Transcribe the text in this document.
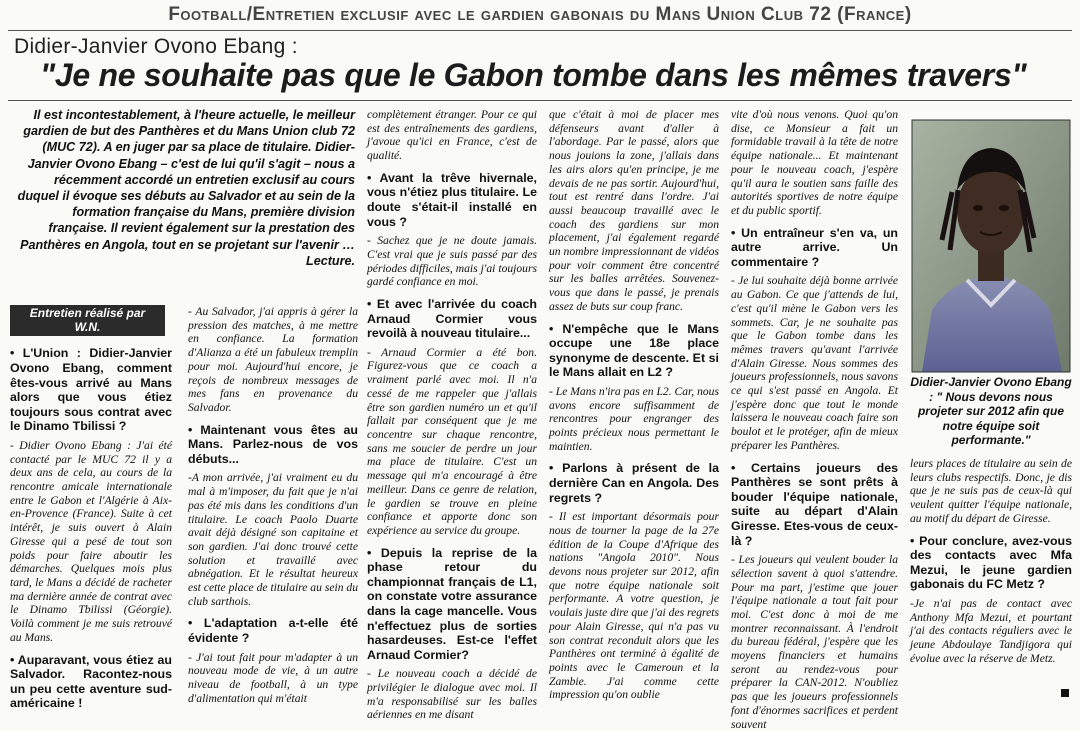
Football/Entretien exclusif avec le gardien gabonais du Mans Union Club 72 (France)
Didier-Janvier Ovono Ebang :
"Je ne souhaite pas que le Gabon tombe dans les mêmes travers"
Il est incontestablement, à l'heure actuelle, le meilleur gardien de but des Panthères et du Mans Union club 72 (MUC 72). A en juger par sa place de titulaire. Didier-Janvier Ovono Ebang – c'est de lui qu'il s'agit – nous a récemment accordé un entretien exclusif au cours duquel il évoque ses débuts au Salvador et au sein de la formation française du Mans, première division française. Il revient également sur la prestation des Panthères en Angola, tout en se projetant sur l'avenir … Lecture.
Entretien réalisé par
W.N.

• L'Union : Didier-Janvier Ovono Ebang, comment êtes-vous arrivé au Mans alors que vous étiez toujours sous contrat avec le Dinamo Tbilissi ?

- Didier Ovono Ebang : J'ai été contacté par le MUC 72 il y a deux ans de cela, au cours de la rencontre amicale internationale entre le Gabon et l'Algérie à Aix-en-Provence (France). Suite à cet intérêt, je suis ouvert à Alain Giresse qui a pesé de tout son poids pour faire aboutir les démarches. Quelques mois plus tard, le Mans a décidé de racheter ma dernière année de contrat avec le Dinamo Tbilissi (Géorgie). Voilà comment je me suis retrouvé au Mans.

• Auparavant, vous étiez au Salvador. Racontez-nous un peu cette aventure sud-américaine !

- Au Salvador, j'ai appris à gérer la pression des matches, à me mettre en confiance. La formation d'Alianza a été un fabuleux tremplin pour moi. Aujourd'hui encore, je reçois de nombreux messages de mes fans en provenance du Salvador.

• Maintenant vous êtes au Mans. Parlez-nous de vos débuts...

-A mon arrivée, j'ai vraiment eu du mal à m'imposer, du fait que je n'ai pas été mis dans les conditions d'un titulaire. Le coach Paolo Duarte avait déjà désigné son capitaine et son gardien. J'ai donc trouvé cette solution et travaillé avec abnégation. Et le résultat heureux est cette place de titulaire au sein du club sarthois.

• L'adaptation a-t-elle été évidente ?

- J'ai tout fait pour m'adapter à un nouveau mode de vie, à un autre niveau de football, à un type d'alimentation qui m'était

complètement étranger. Pour ce qui est des entraînements des gardiens, j'avoue qu'ici en France, c'est de qualité.

• Avant la trêve hivernale, vous n'étiez plus titulaire. Le doute s'était-il installé en vous ?

- Sachez que je ne doute jamais. C'est vrai que je suis passé par des périodes difficiles, mais j'ai toujours gardé confiance en moi.

• Et avec l'arrivée du coach Arnaud Cormier vous revoilà à nouveau titulaire...

- Arnaud Cormier a été bon. Figurez-vous que ce coach a vraiment parlé avec moi. Il n'a cessé de me rappeler que j'allais être son gardien numéro un et qu'il fallait par conséquent que je me concentre sur chaque rencontre, sans me soucier de perdre un jour ma place de titulaire. C'est un message qui m'a encouragé à être meilleur. Dans ce genre de relation, le gardien se trouve en pleine confiance et apporte donc son expérience au service du groupe.

• Depuis la reprise de la phase retour du championnat français de L1, on constate votre assurance dans la cage mancelle. Vous n'effectuez plus de sorties hasardeuses. Est-ce l'effet Arnaud Cormier?

- Le nouveau coach a décidé de privilégier le dialogue avec moi. Il m'a responsabilisé sur les balles aériennes en me disant

que c'était à moi de placer mes défenseurs avant d'aller à l'abordage. Par le passé, alors que nous jouions la zone, j'allais dans les airs alors qu'en principe, je me devais de ne pas sortir. Aujourd'hui, tout est rentré dans l'ordre. J'ai aussi beaucoup travaillé avec le coach des gardiens sur mon placement, j'ai également regardé un nombre impressionnant de vidéos pour voir comment être concentré sur les balles arrêtées. Souvenez-vous que dans le passé, je prenais assez de buts sur coup franc.

• N'empêche que le Mans occupe une 18e place synonyme de descente. Et si le Mans allait en L2 ?

- Le Mans n'ira pas en L2. Car, nous avons encore suffisamment de rencontres pour engranger des points précieux nous permettant le maintien.

• Parlons à présent de la dernière Can en Angola. Des regrets ?

- Il est important désormais pour nous de tourner la page de la 27e édition de la Coupe d'Afrique des nations "Angola 2010". Nous devons nous projeter sur 2012, afin que notre équipe nationale soit performante. A votre question, je voulais juste dire que j'ai des regrets pour Alain Giresse, qui n'a pas vu son contrat reconduit alors que les Panthères ont terminé à égalité de points avec le Cameroun et la Zambie. J'ai comme cette impression qu'on oublie

vite d'où nous venons. Quoi qu'on dise, ce Monsieur a fait un formidable travail à la tête de notre équipe nationale... Et maintenant pour le nouveau coach, j'espère qu'il aura le soutien sans faille des autorités sportives de notre équipe et du public sportif.

• Un entraîneur s'en va, un autre arrive. Un commentaire ?

- Je lui souhaite déjà bonne arrivée au Gabon. Ce que j'attends de lui, c'est qu'il mène le Gabon vers les sommets. Car, je ne souhaite pas que le Gabon tombe dans les mêmes travers qu'avant l'arrivée d'Alain Giresse. Nous sommes des joueurs professionnels, nous savons ce qui s'est passé en Angola. Et j'espère donc que tout le monde laissera le nouveau coach faire son boulot et le protéger, afin de mieux préparer les Panthères.

• Certains joueurs des Panthères se sont prêts à bouder l'équipe nationale, suite au départ d'Alain Giresse. Etes-vous de ceux-là ?

- Les joueurs qui veulent bouder la sélection savent à quoi s'attendre. Pour ma part, j'estime que jouer l'équipe nationale a tout fait pour moi. C'est donc à moi de me montrer reconnaissant. À l'endroit du bureau fédéral, j'espère que les moyens financiers et humains seront au rendez-vous pour préparer la CAN-2012. N'oubliez pas que les joueurs professionnels font d'énormes sacrifices et perdent souvent

leurs places de titulaire au sein de leurs clubs respectifs. Donc, je dis que je ne suis pas de ceux-là qui veulent quitter l'équipe nationale, au motif du départ de Giresse.

• Pour conclure, avez-vous des contacts avec Mfa Mezui, le jeune gardien gabonais du FC Metz ?

-Je n'ai pas de contact avec Anthony Mfa Mezui, et pourtant j'ai des contacts réguliers avec le jeune Abdoulaye Tandjigora qui évolue avec la réserve de Metz.

Didier-Janvier Ovono Ebang : " Nous devons nous projeter sur 2012 afin que notre équipe soit performante."
